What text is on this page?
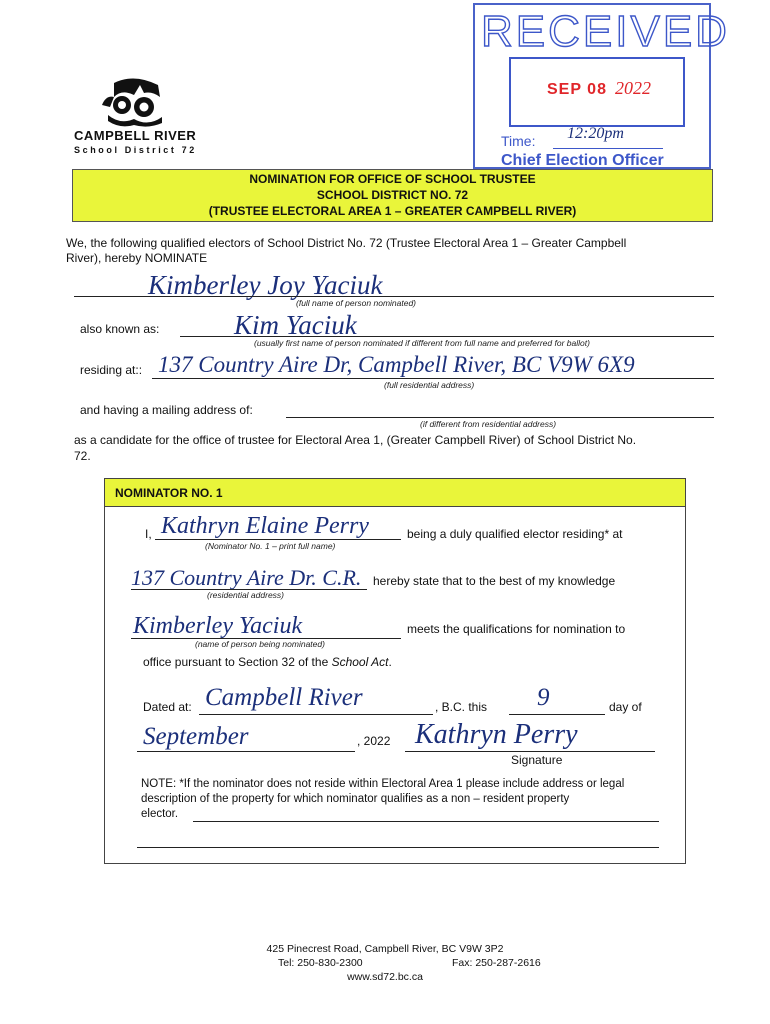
CAMPBELL RIVER
School District 72
RECEIVED
SEP 08 2022
Time: 12:20pm
Chief Election Officer
NOMINATION FOR OFFICE OF SCHOOL TRUSTEE
SCHOOL DISTRICT NO. 72
(TRUSTEE ELECTORAL AREA 1 – GREATER CAMPBELL RIVER)
We, the following qualified electors of School District No. 72 (Trustee Electoral Area 1 – Greater Campbell
River), hereby NOMINATE
Kimberley Joy Yaciuk
(full name of person nominated)
also known as:	Kim Yaciuk
(usually first name of person nominated if different from full name and preferred for ballot)
residing at:: 137 Country Aire Dr, Campbell River, BC V9W 6X9
(full residential address)
and having a mailing address of:
(if different from residential address)
as a candidate for the office of trustee for Electoral Area 1, (Greater Campbell River) of School District No.
72.
NOMINATOR NO. 1
I, Kathryn Elaine Perry	being a duly qualified elector residing* at
(Nominator No. 1 – print full name)
137 Country Aire Dr. C.R. hereby state that to the best of my knowledge
(residential address)
Kimberley Yaciuk	meets the qualifications for nomination to
(name of person being nominated)
office pursuant to Section 32 of the School Act.
Dated at: Campbell River	, B.C. this 9	day of
September	, 2022 Kathryn Perry
Signature
NOTE: *If the nominator does not reside within Electoral Area 1 please include address or legal
description of the property for which nominator qualifies as a non – resident property
elector.
425 Pinecrest Road, Campbell River, BC V9W 3P2
Tel: 250-830-2300	Fax: 250-287-2616
www.sd72.bc.ca
